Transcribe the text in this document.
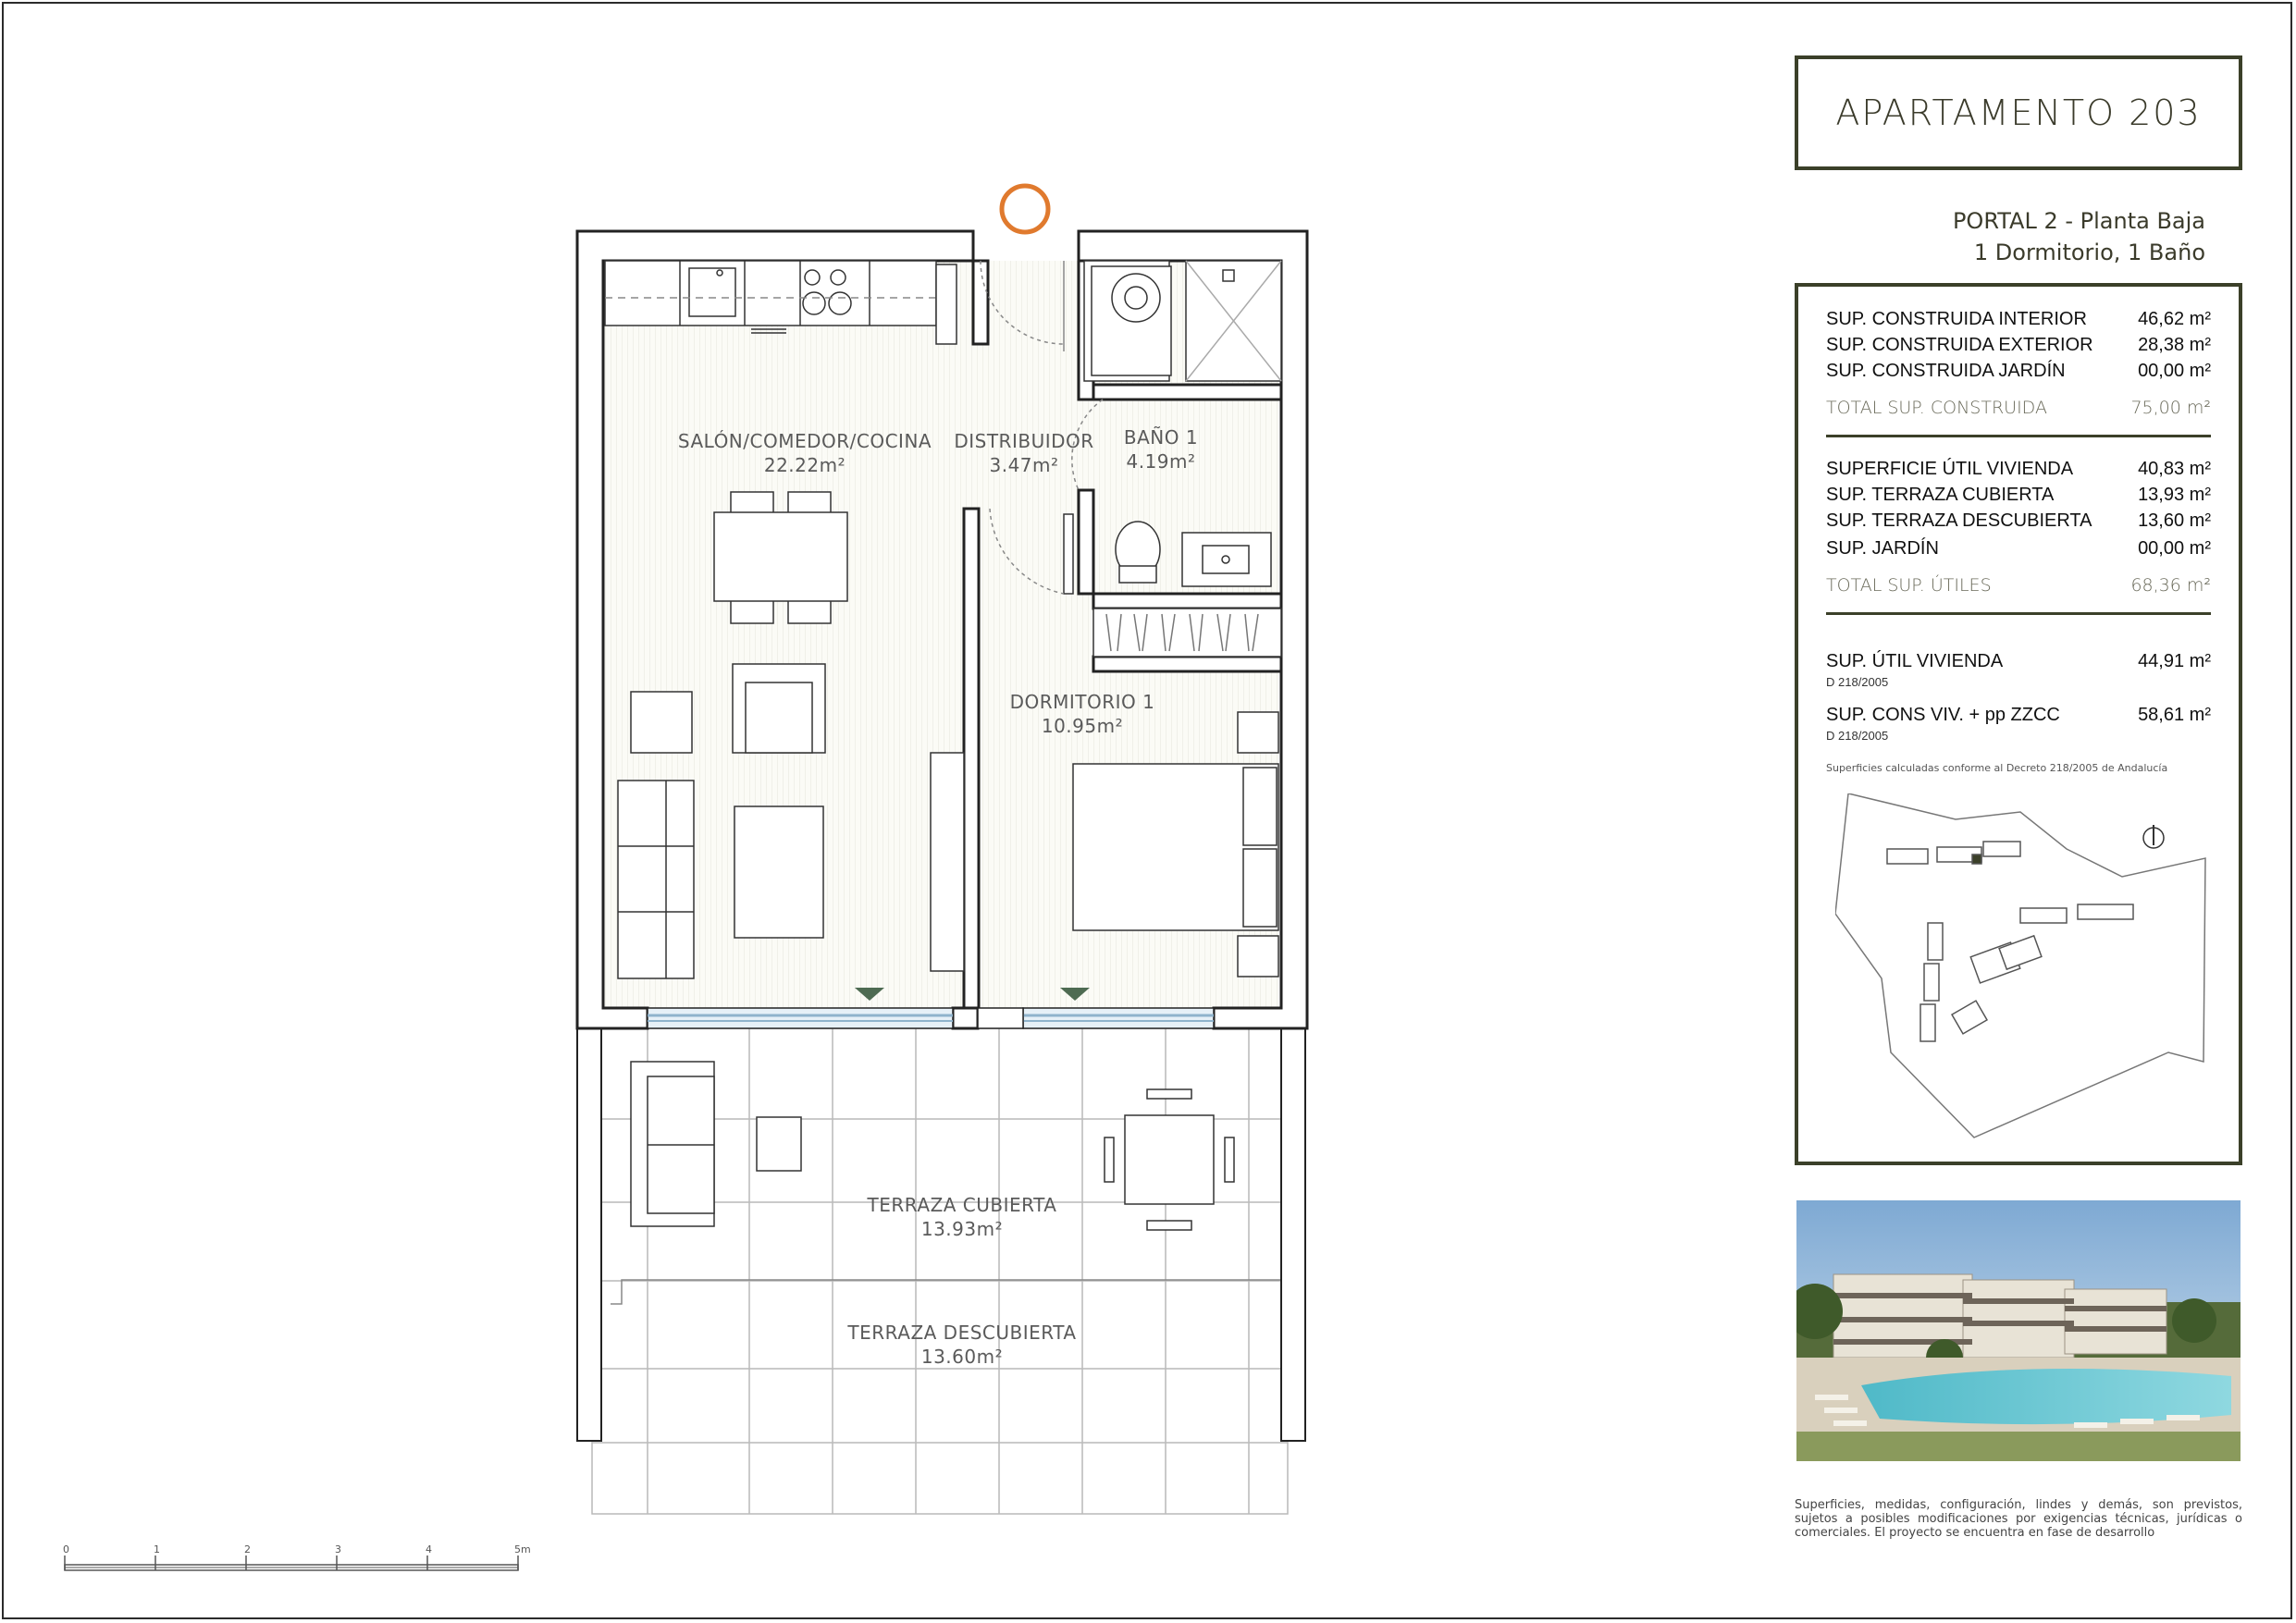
SALÓN/COMEDOR/COCINA
22.22m²
DISTRIBUIDOR
3.47m²
BAÑO 1
4.19m²
DORMITORIO 1
10.95m²
TERRAZA CUBIERTA
13.93m²
TERRAZA DESCUBIERTA
13.60m²
0	1	2	3	4	5m
APARTAMENTO 203
PORTAL 2 - Planta Baja
1 Dormitorio, 1 Baño
SUP. CONSTRUIDA INTERIOR	46,62 m²
SUP. CONSTRUIDA EXTERIOR 28,38 m²
SUP. CONSTRUIDA JARDÍN	00,00 m²
TOTAL SUP. CONSTRUIDA	75,00 m²
SUPERFICIE ÚTIL VIVIENDA	40,83 m²
SUP. TERRAZA CUBIERTA	13,93 m²
SUP. TERRAZA DESCUBIERTA 13,60 m²
SUP. JARDÍN	00,00 m²
TOTAL SUP. ÚTILES	68,36 m²
SUP. ÚTIL VIVIENDA	44,91 m²
D 218/2005
SUP. CONS VIV. + pp ZZCC	58,61 m²
D 218/2005
Superficies calculadas conforme al Decreto 218/2005 de Andalucía
Superficies, medidas, configuración, lindes y demás, son previstos, sujetos a posibles modificaciones por exigencias técnicas, jurídicas o comerciales. El proyecto se encuentra en fase de desarrollo
